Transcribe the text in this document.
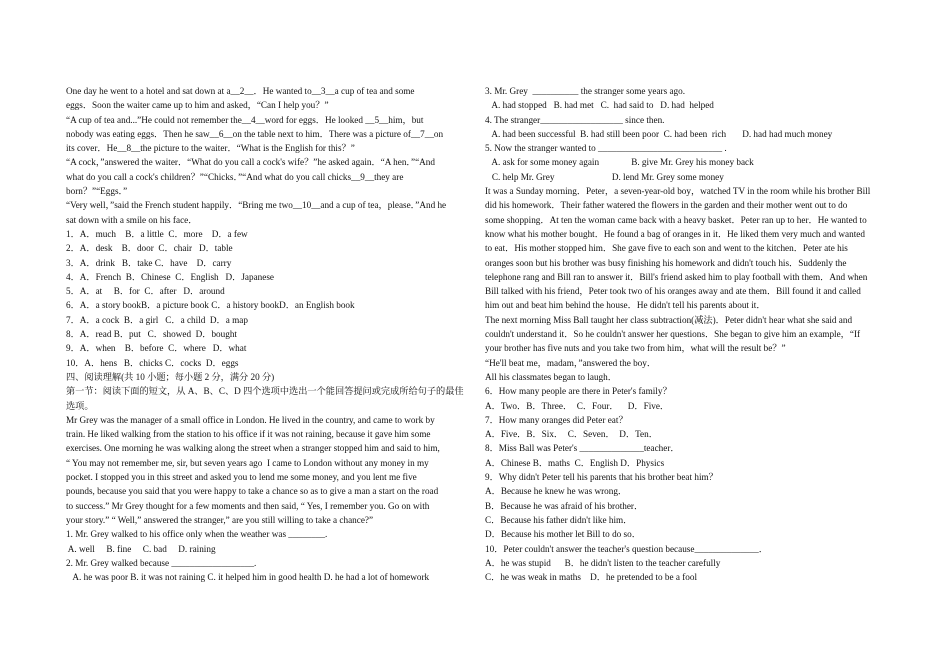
One day he went to a hotel and sat down at a__2__．He wanted to__3__a cup of tea and some
eggs．Soon the waiter came up to him and asked，“Can I help you？”
“A cup of tea and...”He could not remember the__4__word for eggs．He looked __5__him，but
nobody was eating eggs．Then he saw__6__on the table next to him．There was a picture of__7__on
its cover．He__8__the picture to the waiter．“What is the English for this？”
“A cock，”answered the waiter．“What do you call a cock's wife？”he asked again．“A hen．”“And
what do you call a cock's children？”“Chicks．”“And what do you call chicks__9__they are
born？”“Eggs．”
“Very well，”said the French student happily．“Bring me two__10__and a cup of tea，please．”And he
sat down with a smile on his face．
1．A．much    B．a little  C．more    D．a few
2．A．desk    B．door  C．chair   D．table
3．A．drink   B．take C．have    D．carry
4．A．French  B．Chinese  C．English   D．Japanese
5．A．at     B．for  C．after   D．around
6．A．a story bookB．a picture book C．a history bookD．an English book
7．A．a cock  B．a girl   C．a child  D．a map
8．A．read B．put   C．showed  D．bought
9．A．when    B．before  C．where   D．what
10．A．hens   B．chicks C．cocks  D．eggs
四、阅读理解(共 10 小题；每小题 2 分，满分 20 分)
第一节：阅读下面的短文，从 A、B、C、D 四个选项中选出一个能回答提问或完成所给句子的最佳
选项。
Mr Grey was the manager of a small office in London. He lived in the country, and came to work by
train. He liked walking from the station to his office if it was not raining, because it gave him some
exercises. One morning he was walking along the street when a stranger stopped him and said to him,
“ You may not remember me, sir, but seven years ago  I came to London without any money in my
pocket. I stopped you in this street and asked you to lend me some money, and you lent me five
pounds, because you said that you were happy to take a chance so as to give a man a start on the road
to success.” Mr Grey thought for a few moments and then said, “ Yes, I remember you. Go on with
your story.” “ Well,” answered the stranger,” are you still willing to take a chance?”
1. Mr. Grey walked to his office only when the weather was ________.
A. well     B. fine     C. bad     D. raining
2. Mr. Grey walked because __________________.
A. he was poor B. it was not raining C. it helped him in good health D. he had a lot of homework
3. Mr. Grey  __________ the stranger some years ago.
A. had stopped   B. had met   C.  had said to   D. had  helped
4. The stranger__________________ since then.
A. had been successful  B. had still been poor  C. had been  rich       D. had had much money
5. Now the stranger wanted to ___________________________ .
A. ask for some money again              B. give Mr. Grey his money back
C. help Mr. Grey                         D. lend Mr. Grey some money
It was a Sunday morning．Peter，a seven-year-old boy，watched TV in the room while his brother Bill
did his homework．Their father watered the flowers in the garden and their mother went out to do
some shopping．At ten the woman came back with a heavy basket．Peter ran up to her．He wanted to
know what his mother bought．He found a bag of oranges in it．He liked them very much and wanted
to eat．His mother stopped him．She gave five to each son and went to the kitchen．Peter ate his
oranges soon but his brother was busy finishing his homework and didn't touch his．Suddenly the
telephone rang and Bill ran to answer it．Bill's friend asked him to play football with them．And when
Bill talked with his friend，Peter took two of his oranges away and ate them．Bill found it and called
him out and beat him behind the house．He didn't tell his parents about it．
The next morning Miss Ball taught her class subtraction(减法)．Peter didn't hear what she said and
couldn't understand it．So he couldn't answer her questions．She began to give him an example，“If
your brother has five nuts and you take two from him，what will the result be？”
“He'll beat me，madam，”answered the boy．
All his classmates began to laugh．
6．How many people are there in Peter's family？
A．Two．B．Three．  C．Four．    D．Five．
7．How many oranges did Peter eat？
A．Five．B．Six．  C．Seven．  D．Ten．
8．Miss Ball was Peter's ______________teacher．
A．Chinese B．maths  C．English D．Physics
9．Why didn't Peter tell his parents that his brother beat him？
A．Because he knew he was wrong．
B．Because he was afraid of his brother．
C．Because his father didn't like him．
D．Because his mother let Bill to do so．
10．Peter couldn't answer the teacher's question because______________．
A．he was stupid      B．he didn't listen to the teacher carefully
C．he was weak in maths    D．he pretended to be a fool
